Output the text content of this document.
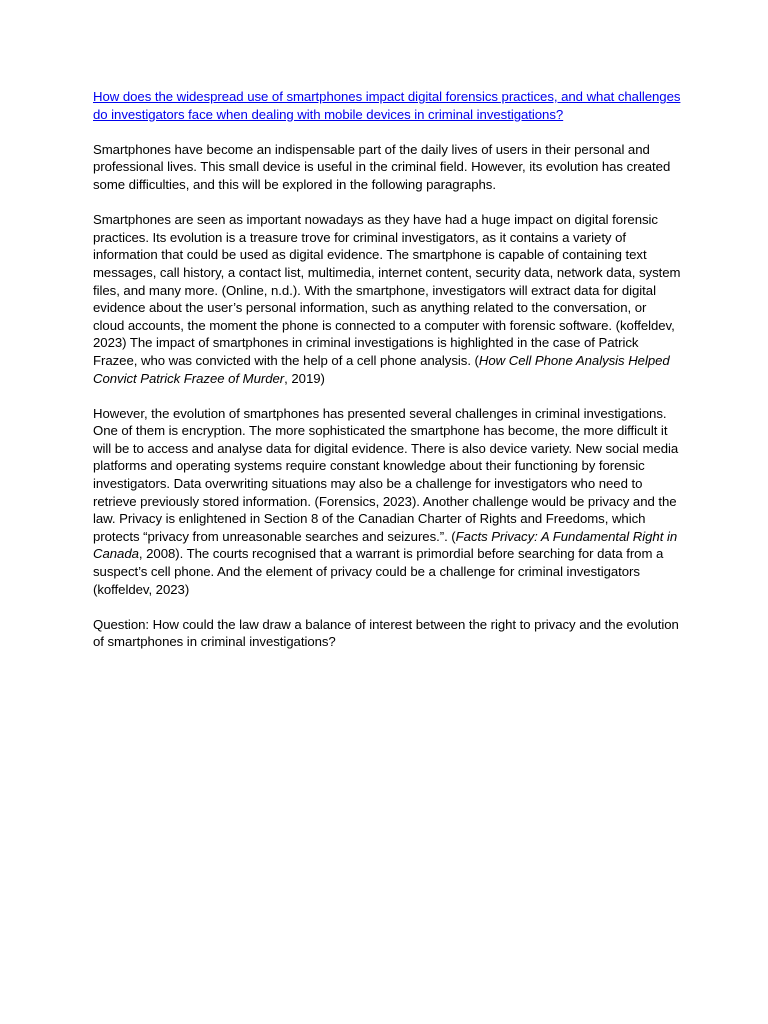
How does the widespread use of smartphones impact digital forensics practices, and what challenges do investigators face when dealing with mobile devices in criminal investigations?

Smartphones have become an indispensable part of the daily lives of users in their personal and professional lives. This small device is useful in the criminal field. However, its evolution has created some difficulties, and this will be explored in the following paragraphs.

Smartphones are seen as important nowadays as they have had a huge impact on digital forensic practices. Its evolution is a treasure trove for criminal investigators, as it contains a variety of information that could be used as digital evidence. The smartphone is capable of containing text messages, call history, a contact list, multimedia, internet content, security data, network data, system files, and many more. (Online, n.d.). With the smartphone, investigators will extract data for digital evidence about the user’s personal information, such as anything related to the conversation, or cloud accounts, the moment the phone is connected to a computer with forensic software. (koffeldev, 2023) The impact of smartphones in criminal investigations is highlighted in the case of Patrick Frazee, who was convicted with the help of a cell phone analysis. (How Cell Phone Analysis Helped Convict Patrick Frazee of Murder, 2019)

However, the evolution of smartphones has presented several challenges in criminal investigations. One of them is encryption. The more sophisticated the smartphone has become, the more difficult it will be to access and analyse data for digital evidence. There is also device variety. New social media platforms and operating systems require constant knowledge about their functioning by forensic investigators. Data overwriting situations may also be a challenge for investigators who need to retrieve previously stored information. (Forensics, 2023). Another challenge would be privacy and the law. Privacy is enlightened in Section 8 of the Canadian Charter of Rights and Freedoms, which protects “privacy from unreasonable searches and seizures.”. (Facts Privacy: A Fundamental Right in Canada, 2008). The courts recognised that a warrant is primordial before searching for data from a suspect’s cell phone. And the element of privacy could be a challenge for criminal investigators (koffeldev, 2023)

Question: How could the law draw a balance of interest between the right to privacy and the evolution of smartphones in criminal investigations?
